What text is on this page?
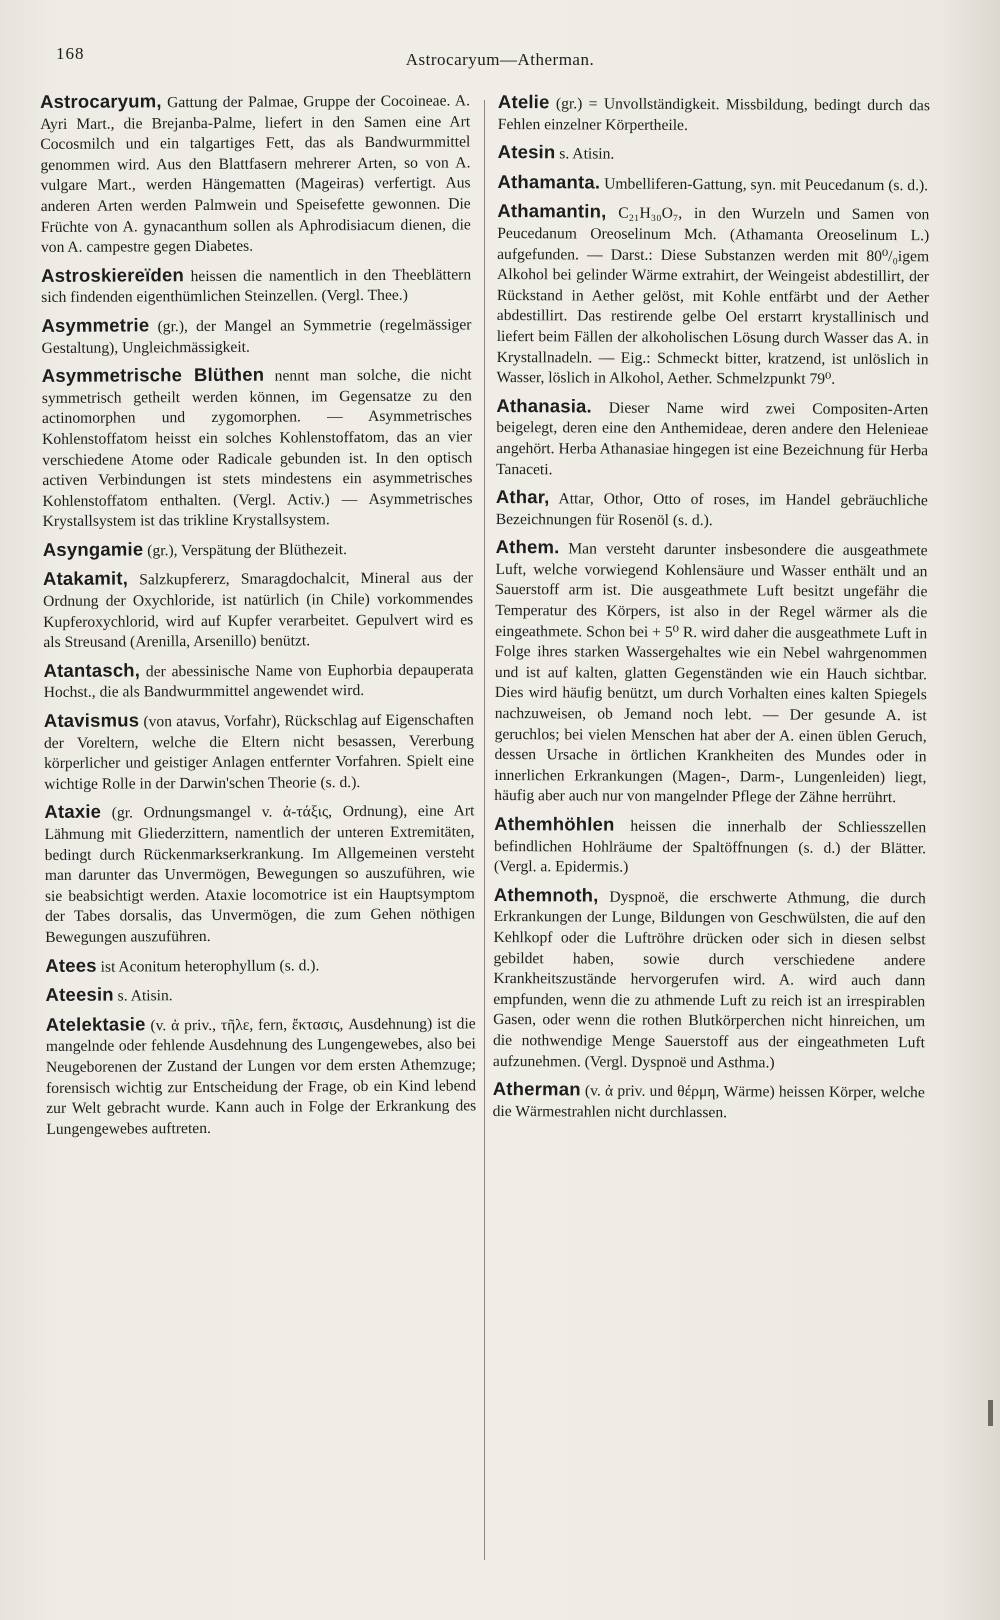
168	Astrocaryum—Atherman.

Astrocaryum, Gattung der Palmae, Gruppe der Cocoineae. A. Ayri Mart., die Brejanba-Palme, liefert in den Samen eine Art Cocosmilch und ein talgartiges Fett, das als Bandwurmmittel genommen wird. Aus den Blattfasern mehrerer Arten, so von A. vulgare Mart., werden Hängematten (Mageiras) verfertigt. Aus anderen Arten werden Palmwein und Speisefette gewonnen. Die Früchte von A. gynacanthum sollen als Aphrodisiacum dienen, die von A. campestre gegen Diabetes.

Astroskiereïden heissen die namentlich in den Theeblättern sich findenden eigenthümlichen Steinzellen. (Vergl. Thee.)

Asymmetrie (gr.), der Mangel an Symmetrie (regelmässiger Gestaltung), Ungleichmässigkeit.

Asymmetrische Blüthen nennt man solche, die nicht symmetrisch getheilt werden können, im Gegensatze zu den actinomorphen und zygomorphen. — Asymmetrisches Kohlenstoffatom heisst ein solches Kohlenstoffatom, das an vier verschiedene Atome oder Radicale gebunden ist. In den optisch activen Verbindungen ist stets mindestens ein asymmetrisches Kohlenstoffatom enthalten. (Vergl. Activ.) — Asymmetrisches Krystallsystem ist das trikline Krystallsystem.

Asyngamie (gr.), Verspätung der Blüthezeit.

Atakamit, Salzkupfererz, Smaragdochalcit, Mineral aus der Ordnung der Oxychloride, ist natürlich (in Chile) vorkommendes Kupferoxychlorid, wird auf Kupfer verarbeitet. Gepulvert wird es als Streusand (Arenilla, Arsenillo) benützt.

Atantasch, der abessinische Name von Euphorbia depauperata Hochst., die als Bandwurmmittel angewendet wird.

Atavismus (von atavus, Vorfahr), Rückschlag auf Eigenschaften der Voreltern, welche die Eltern nicht besassen, Vererbung körperlicher und geistiger Anlagen entfernter Vorfahren. Spielt eine wichtige Rolle in der Darwin'schen Theorie (s. d.).

Ataxie (gr. Ordnungsmangel v. ἀ-τάξις, Ordnung), eine Art Lähmung mit Gliederzittern, namentlich der unteren Extremitäten, bedingt durch Rückenmarkserkrankung. Im Allgemeinen versteht man darunter das Unvermögen, Bewegungen so auszuführen, wie sie beabsichtigt werden. Ataxie locomotrice ist ein Hauptsymptom der Tabes dorsalis, das Unvermögen, die zum Gehen nöthigen Bewegungen auszuführen.

Atees ist Aconitum heterophyllum (s. d.).

Ateesin s. Atisin.

Atelektasie (v. ἀ priv., τῆλε, fern, ἔκτασις, Ausdehnung) ist die mangelnde oder fehlende Ausdehnung des Lungengewebes, also bei Neugeborenen der Zustand der Lungen vor dem ersten Athemzuge; forensisch wichtig zur Entscheidung der Frage, ob ein Kind lebend zur Welt gebracht wurde. Kann auch in Folge der Erkrankung des Lungengewebes auftreten.

Atelie (gr.) = Unvollständigkeit. Missbildung, bedingt durch das Fehlen einzelner Körpertheile.

Atesin s. Atisin.

Athamanta. Umbelliferen-Gattung, syn. mit Peucedanum (s. d.).

Athamantin, C₂₁H₃₀O₇, in den Wurzeln und Samen von Peucedanum Oreoselinum Mch. (Athamanta Oreoselinum L.) aufgefunden. — Darst.: Diese Substanzen werden mit 80⁰/₀igem Alkohol bei gelinder Wärme extrahirt, der Weingeist abdestillirt, der Rückstand in Aether gelöst, mit Kohle entfärbt und der Aether abdestillirt. Das restirende gelbe Oel erstarrt krystallinisch und liefert beim Fällen der alkoholischen Lösung durch Wasser das A. in Krystallnadeln. — Eig.: Schmeckt bitter, kratzend, ist unlöslich in Wasser, löslich in Alkohol, Aether. Schmelzpunkt 79⁰.

Athanasia. Dieser Name wird zwei Compositen-Arten beigelegt, deren eine den Anthemideae, deren andere den Helenieae angehört. Herba Athanasiae hingegen ist eine Bezeichnung für Herba Tanaceti.

Athar, Attar, Othor, Otto of roses, im Handel gebräuchliche Bezeichnungen für Rosenöl (s. d.).

Athem. Man versteht darunter insbesondere die ausgeathmete Luft, welche vorwiegend Kohlensäure und Wasser enthält und an Sauerstoff arm ist. Die ausgeathmete Luft besitzt ungefähr die Temperatur des Körpers, ist also in der Regel wärmer als die eingeathmete. Schon bei + 5⁰ R. wird daher die ausgeathmete Luft in Folge ihres starken Wassergehaltes wie ein Nebel wahrgenommen und ist auf kalten, glatten Gegenständen wie ein Hauch sichtbar. Dies wird häufig benützt, um durch Vorhalten eines kalten Spiegels nachzuweisen, ob Jemand noch lebt. — Der gesunde A. ist geruchlos; bei vielen Menschen hat aber der A. einen üblen Geruch, dessen Ursache in örtlichen Krankheiten des Mundes oder in innerlichen Erkrankungen (Magen-, Darm-, Lungenleiden) liegt, häufig aber auch nur von mangelnder Pflege der Zähne herrührt.

Athemhöhlen heissen die innerhalb der Schliesszellen befindlichen Hohlräume der Spaltöffnungen (s. d.) der Blätter. (Vergl. a. Epidermis.)

Athemnoth, Dyspnoë, die erschwerte Athmung, die durch Erkrankungen der Lunge, Bildungen von Geschwülsten, die auf den Kehlkopf oder die Luftröhre drücken oder sich in diesen selbst gebildet haben, sowie durch verschiedene andere Krankheitszustände hervorgerufen wird. A. wird auch dann empfunden, wenn die zu athmende Luft zu reich ist an irrespirablen Gasen, oder wenn die rothen Blutkörperchen nicht hinreichen, um die nothwendige Menge Sauerstoff aus der eingeathmeten Luft aufzunehmen. (Vergl. Dyspnoë und Asthma.)

Atherman (v. ἀ priv. und θέρμη, Wärme) heissen Körper, welche die Wärmestrahlen nicht durchlassen.
